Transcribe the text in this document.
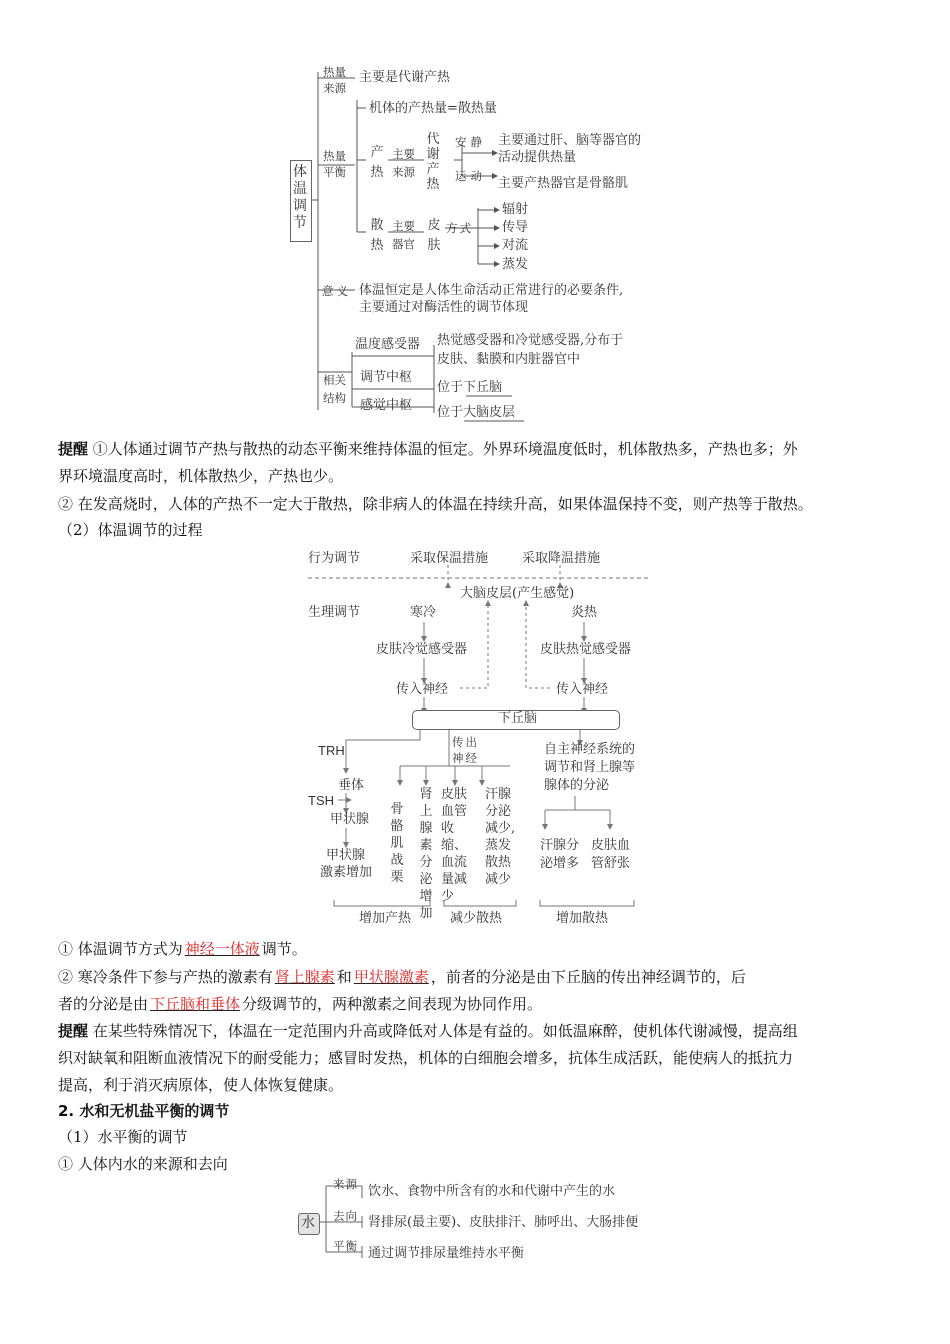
体温调节
热量
来源
主要是代谢产热
热量
平衡
机体的产热量=散热量
产热
主要
来源
代谢产热
安静 主要通过肝、脑等器官的
活动提供热量
运动 主要产热器官是骨骼肌
散热
主要
器官
皮肤
方式
辐射
传导
对流
蒸发
意义 体温恒定是人体生命活动正常进行的必要条件,
主要通过对酶活性的调节体现
相关
结构
温度感受器 热觉感受器和冷觉感受器,分布于
皮肤、黏膜和内脏器官中
调节中枢
位于下丘脑
感觉中枢 位于大脑皮层
提醒 ①人体通过调节产热与散热的动态平衡来维持体温的恒定。外界环境温度低时，机体散热多，产热也多；外
界环境温度高时，机体散热少，产热也少。
② 在发高烧时，人体的产热不一定大于散热，除非病人的体温在持续升高，如果体温保持不变，则产热等于散热。
（2）体温调节的过程
行为调节	采取保温措施	采取降温措施
大脑皮层(产生感觉)
生理调节	寒冷	炎热
皮肤冷觉感受器	皮肤热觉感受器
传入神经	传入神经
下丘脑
TRH
垂体
TSH
甲状腺
甲状腺
激素增加
传出
神经
骨骼肌战栗
肾上腺素分泌增加
皮肤血管收缩、血流量减少
汗腺分泌减少,蒸发散热减少
自主神经系统的
调节和肾上腺等
腺体的分泌
汗腺分
泌增多
皮肤血
管舒张
增加产热	减少散热	增加散热
① 体温调节方式为 神经一体液 调节。
② 寒冷条件下参与产热的激素有 肾上腺素 和 甲状腺激素 ，前者的分泌是由下丘脑的传出神经调节的，后
者的分泌是由 下丘脑和垂体 分级调节的，两种激素之间表现为协同作用。
提醒 在某些特殊情况下，体温在一定范围内升高或降低对人体是有益的。如低温麻醉，使机体代谢减慢，提高组
织对缺氧和阻断血液情况下的耐受能力；感冒时发热，机体的白细胞会增多，抗体生成活跃，能使病人的抵抗力
提高，利于消灭病原体，使人体恢复健康。
2. 水和无机盐平衡的调节
（1）水平衡的调节
① 人体内水的来源和去向
水
来源 饮水、食物中所含有的水和代谢中产生的水
去向 肾排尿(最主要)、皮肤排汗、肺呼出、大肠排便
平衡 通过调节排尿量维持水平衡
